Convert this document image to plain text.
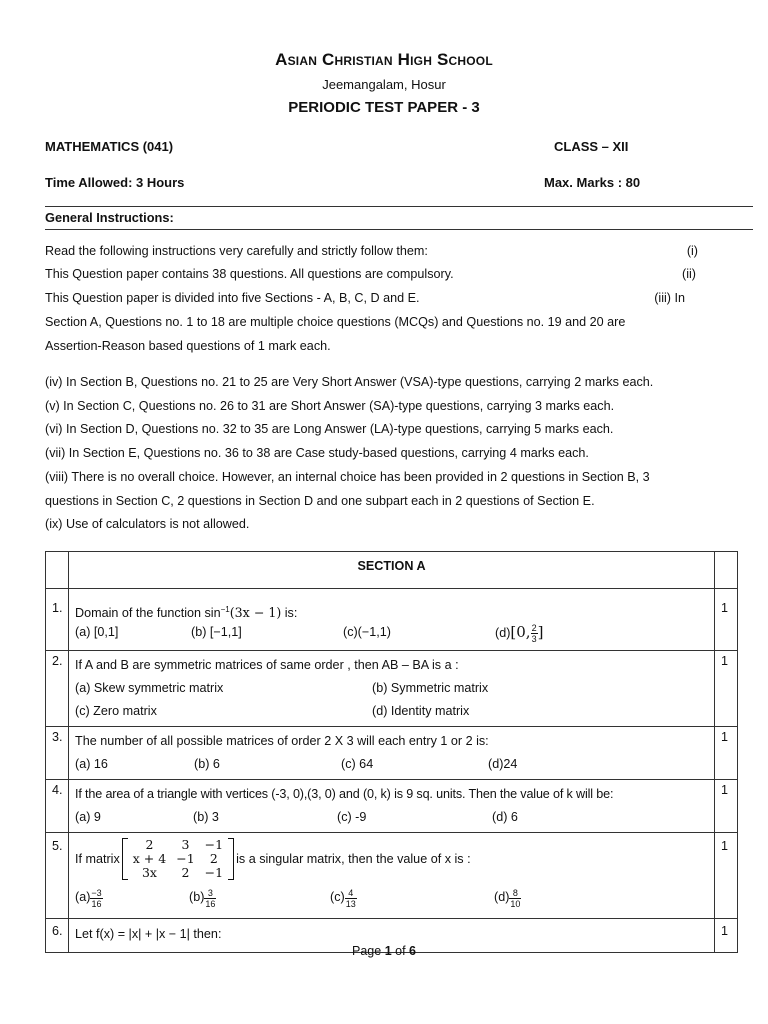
Asian Christian High School
Jeemangalam, Hosur
PERIODIC TEST PAPER - 3
MATHEMATICS (041)	CLASS – XII
Time Allowed: 3 Hours	Max. Marks : 80
General Instructions:
Read the following instructions very carefully and strictly follow them:	(i)
This Question paper contains 38 questions. All questions are compulsory.	(ii)
This Question paper is divided into five Sections - A, B, C, D and E.	(iii) In
Section A, Questions no. 1 to 18 are multiple choice questions (MCQs) and Questions no. 19 and 20 are
Assertion-Reason based questions of 1 mark each.
(iv) In Section B, Questions no. 21 to 25 are Very Short Answer (VSA)-type questions, carrying 2 marks each.
(v) In Section C, Questions no. 26 to 31 are Short Answer (SA)-type questions, carrying 3 marks each.
(vi) In Section D, Questions no. 32 to 35 are Long Answer (LA)-type questions, carrying 5 marks each.
(vii) In Section E, Questions no. 36 to 38 are Case study-based questions, carrying 4 marks each.
(viii) There is no overall choice. However, an internal choice has been provided in 2 questions in Section B, 3
questions in Section C, 2 questions in Section D and one subpart each in 2 questions of Section E.
(ix) Use of calculators is not allowed.
	SECTION A	
1.	Domain of the function $\sin^{-1}(3x - 1)$ is:
(a) [0,1]	(b) [−1,1]	(c)(−1,1)	(d)[0, $\frac{2}{3}$ ]
	1
2.	If A and B are symmetric matrices of same order , then AB – BA is a :
(a) Skew symmetric matrix	(b) Symmetric matrix
(c) Zero matrix	(d) Identity matrix
	1
3.	The number of all possible matrices of order 2 X 3 will each entry 1 or 2 is:
(a) 16	(b) 6	(c) 64	(d)24
	1
4.	If the area of a triangle with vertices (-3, 0),(3, 0) and (0, k) is 9 sq. units. Then the value of k will be:
(a) 9	(b) 3	(c) -9	(d) 6
	1
5.	
If matrix
2	3	−1
x + 4	−1	2
3x	2	−1
is a singular matrix, then the value of x is :
$(a) \frac{-3}{16}$	$(b) \frac{3}{16}$	$(c) \frac{4}{13}$	$(d) \frac{8}{10}$
	1
6.	Let f(x) = |x| + |x − 1| then:	1
Page 1 of 6
